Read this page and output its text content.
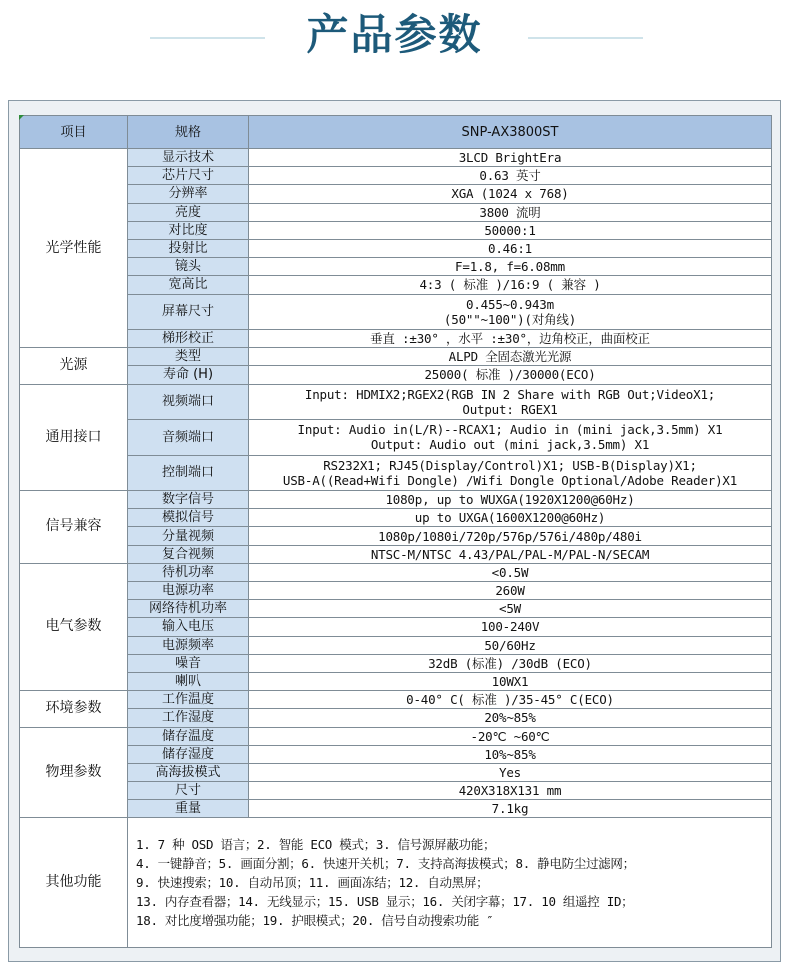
产品参数
项目	规格	SNP-AX3800ST
光学性能	显示技术	3LCD BrightEra

	芯片尺寸	0.63 英寸

	分辨率	XGA (1024 x 768)

	亮度	3800 流明

	对比度	50000:1

	投射比	0.46:1

	镜头	F=1.8, f=6.08mm

	宽高比	4:3 ( 标准 )/16:9 ( 兼容 )

	屏幕尺寸	0.455~0.943m
(50""~100")(对角线)

	梯形校正	垂直 :±30° ，水平 :±30°，边角校正，曲面校正

光源	类型	ALPD 全固态激光光源

	寿命 (H)	25000( 标准 )/30000(ECO)

通用接口	视频端口	Input: HDMIX2;RGEX2(RGB IN 2 Share with RGB Out;VideoX1;
Output: RGEX1

	音频端口	Input: Audio in(L/R)--RCAX1; Audio in (mini jack,3.5mm) X1
Output: Audio out (mini jack,3.5mm) X1

	控制端口	RS232X1; RJ45(Display/Control)X1; USB-B(Display)X1;
USB-A((Read+Wifi Dongle) /Wifi Dongle Optional/Adobe Reader)X1

信号兼容	数字信号	1080p, up to WUXGA(1920X1200@60Hz)

	模拟信号	up to UXGA(1600X1200@60Hz)

	分量视频	1080p/1080i/720p/576p/576i/480p/480i

	复合视频	NTSC-M/NTSC 4.43/PAL/PAL-M/PAL-N/SECAM

电气参数	待机功率	<0.5W

	电源功率	260W

	网络待机功率	<5W

	输入电压	100-240V

	电源频率	50/60Hz

	噪音	32dB (标准) /30dB (ECO)

	喇叭	10WX1

环境参数	工作温度	0-40° C( 标准 )/35-45° C(ECO)

	工作湿度	20%~85%

物理参数	储存温度	-20℃ ~60℃

	储存湿度	10%~85%

	高海拔模式	Yes

	尺寸	420X318X131 mm

	重量	7.1kg

其他功能	1. 7 种 OSD 语言；2. 智能 ECO 模式；3. 信号源屏蔽功能；
4. 一键静音；5. 画面分割；6. 快速开关机；7. 支持高海拔模式；8. 静电防尘过滤网；
9. 快速搜索；10. 自动吊顶；11. 画面冻结；12. 自动黑屏；
13. 内存查看器；14. 无线显示；15. USB 显示；16. 关闭字幕；17. 10 组遥控 ID；
18. 对比度增强功能；19. 护眼模式；20. 信号自动搜索功能 ″	
